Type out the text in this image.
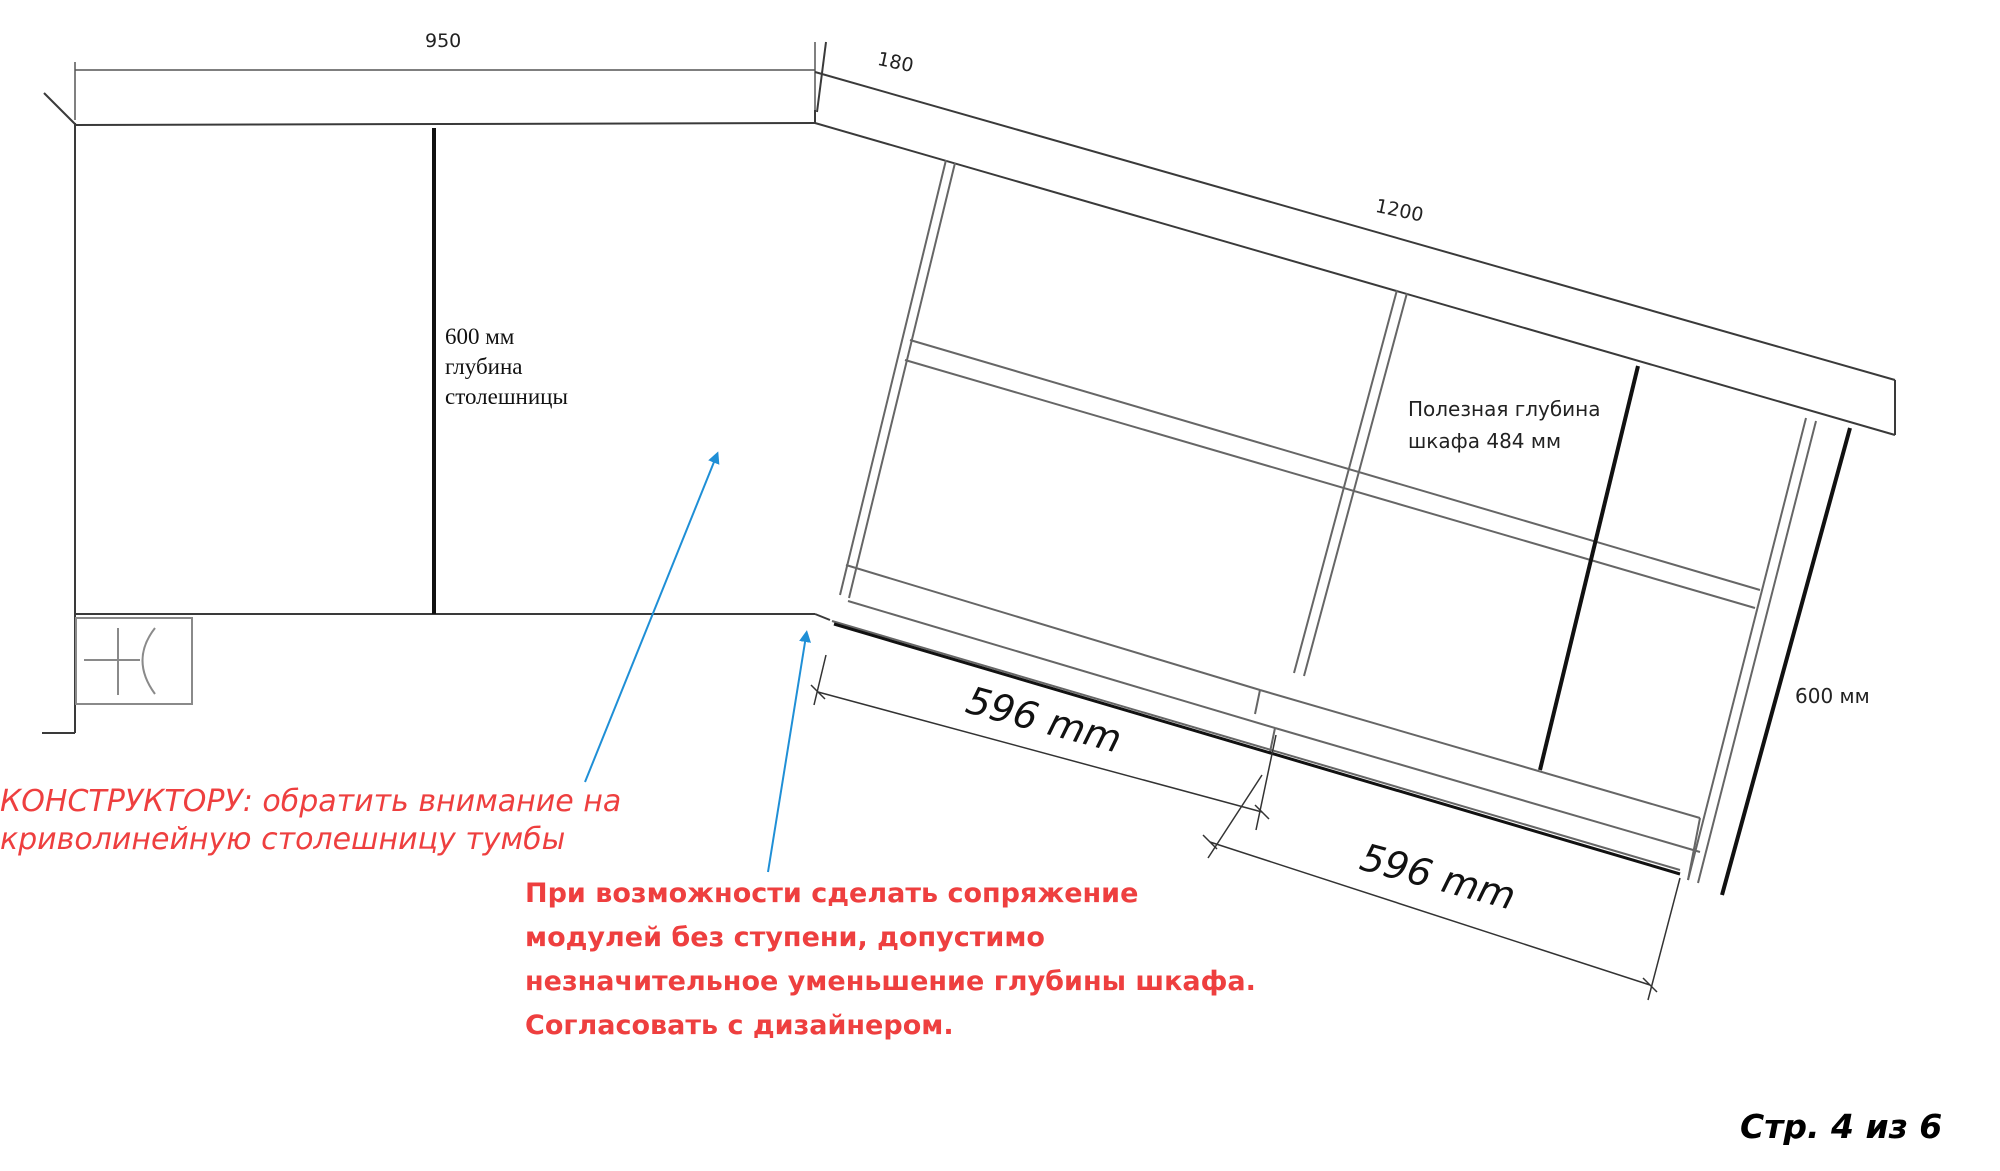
950
180
1200
596 mm
596 mm
600 мм
600 мм
глубина
столешницы	Полезная глубина
шкафа 484 мм
КОНСТРУКТОРУ: обратить внимание на
криволинейную столешницу тумбы
При возможности сделать сопряжение
модулей без ступени, допустимо
незначительное уменьшение глубины шкафа.
Согласовать с дизайнером.
Стр. 4 из 6
